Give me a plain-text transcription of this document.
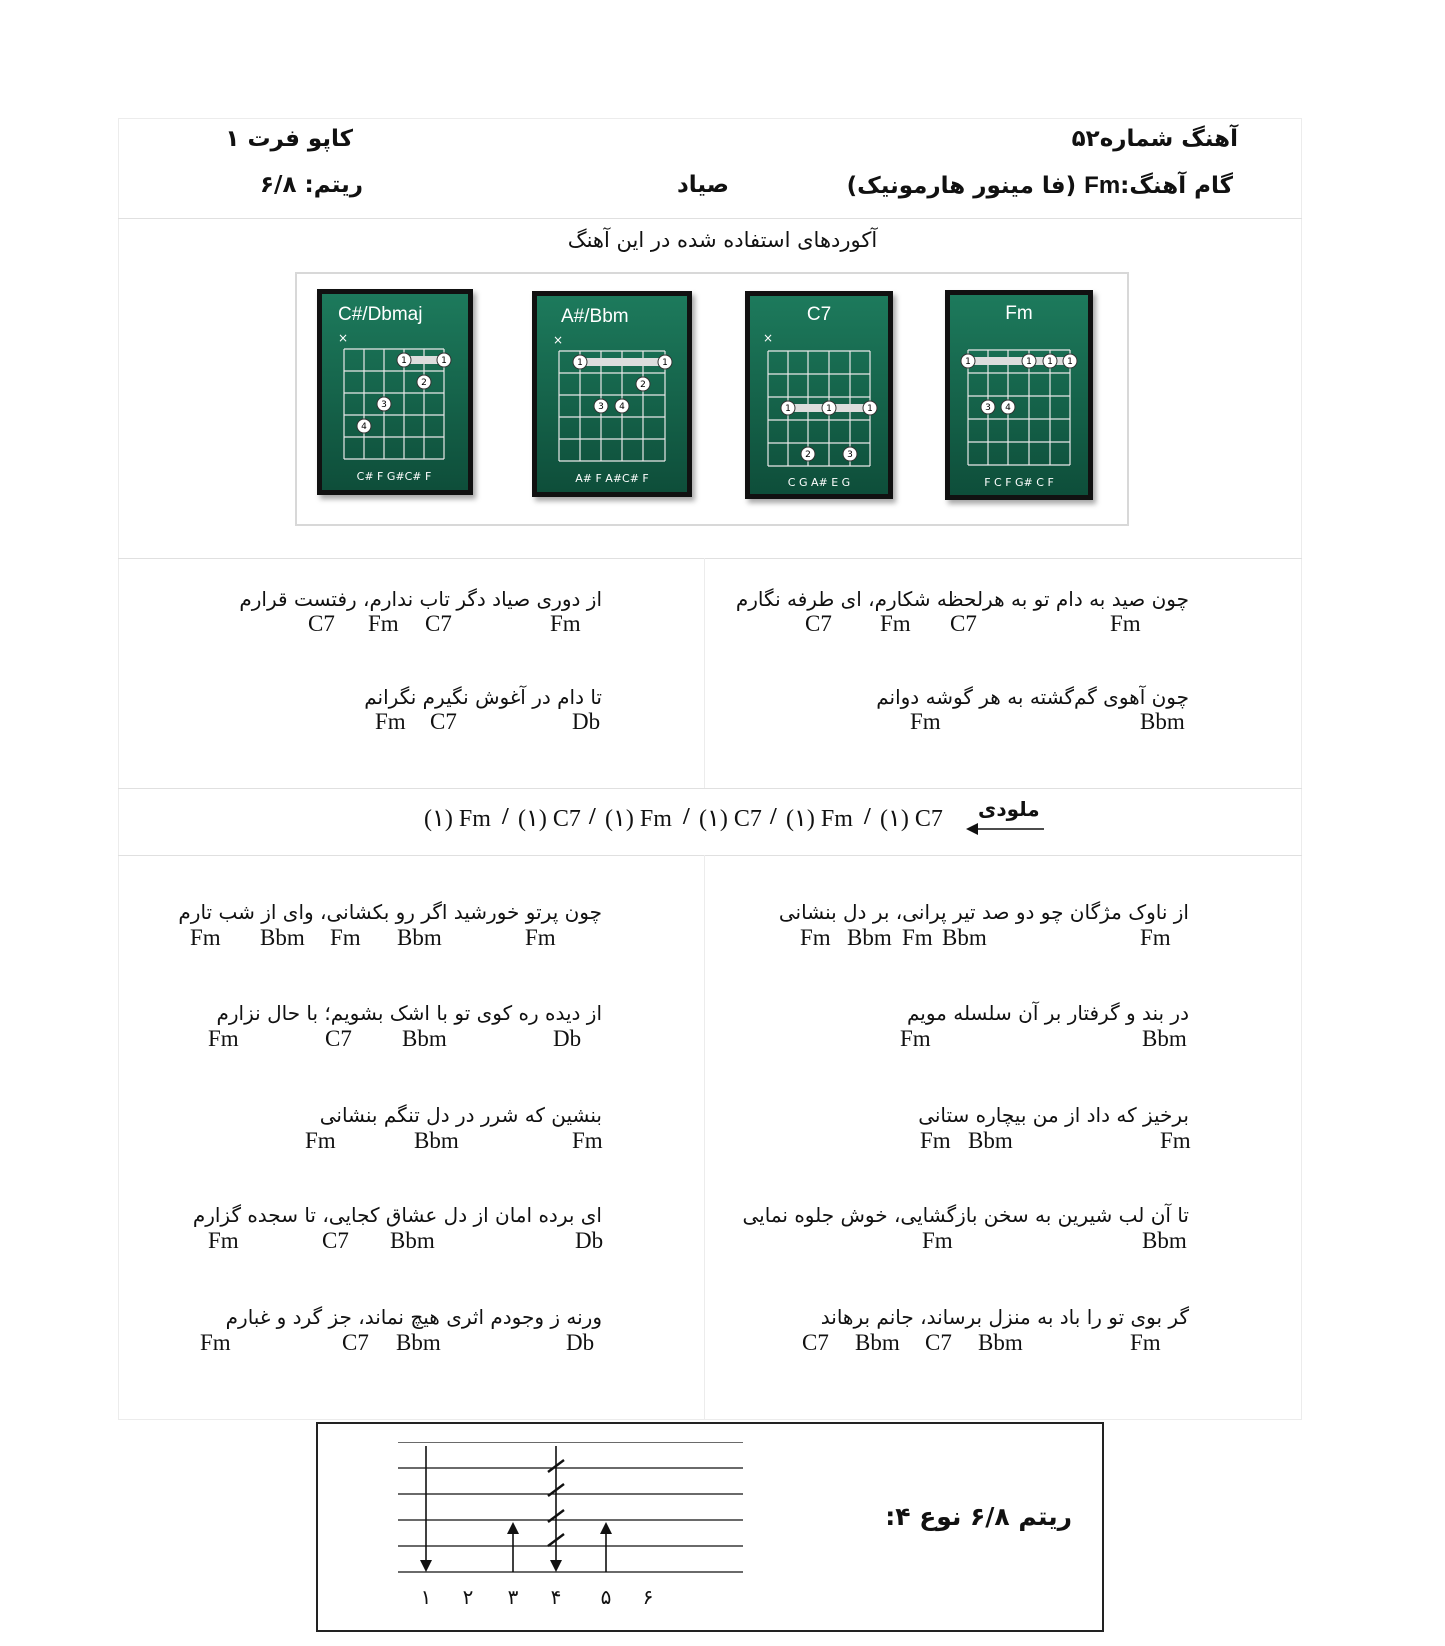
آهنگ شماره۵۲
کاپو فرت ۱
گام آهنگ:Fm (فا مینور هارمونیک)
صیاد
ریتم: ۶/۸
آکوردهای استفاده شده در این آهنگ
C#/Dbmaj
×
1	1
2
3
4
C# F G#C# F
A#/Bbm
×
1	1
2
3 4
A# F A#C# F
C7
×
1	1	1
2	3
C G A# E G
Fm
1	1 1 1
3 4
F C F G# C F
چون صید به دام تو به هرلحظه شکارم، ای طرفه نگارم
C7 Fm C7	Fm
از دوری صیاد دگر تاب ندارم، رفتست قرارم
C7 Fm C7	Fm
چون آهوی گم‌گشته به هر گوشه دوانم
Fm	Bbm
تا دام در آغوش نگیرم نگرانم
Fm C7	Db
ملودی
(۱) Fm / (۱) C7 / (۱) Fm / (۱) C7 / (۱) Fm / (۱) C7
از ناوک مژگان چو دو صد تیر پرانی، بر دل بنشانی
Fm Bbm Fm Bbm	Fm
در بند و گرفتار بر آن سلسله مویم
Fm	Bbm
برخیز که داد از من بیچاره ستانی
Fm Bbm	Fm
تا آن لب شیرین به سخن بازگشایی، خوش جلوه نمایی
Fm	Bbm
گر بوی تو را باد به منزل برساند، جانم برهاند
C7 Bbm C7 Bbm	Fm
چون پرتو خورشید اگر رو بکشانی، وای از شب تارم
Fm Bbm Fm Bbm	Fm
از دیده ره کوی تو با اشک بشویم؛ با حال نزارم
Fm	C7 Bbm	Db
بنشین که شرر در دل تنگم بنشانی
Fm	Bbm	Fm
ای برده امان از دل عشاق کجایی، تا سجده گزارم
Fm	C7 Bbm	Db
ورنه ز وجودم اثری هیچ نماند، جز گرد و غبارم
Fm	C7 Bbm	Db
۱ ۲ ۳ ۴ ۵ ۶
ریتم ۶/۸ نوع ۴:
